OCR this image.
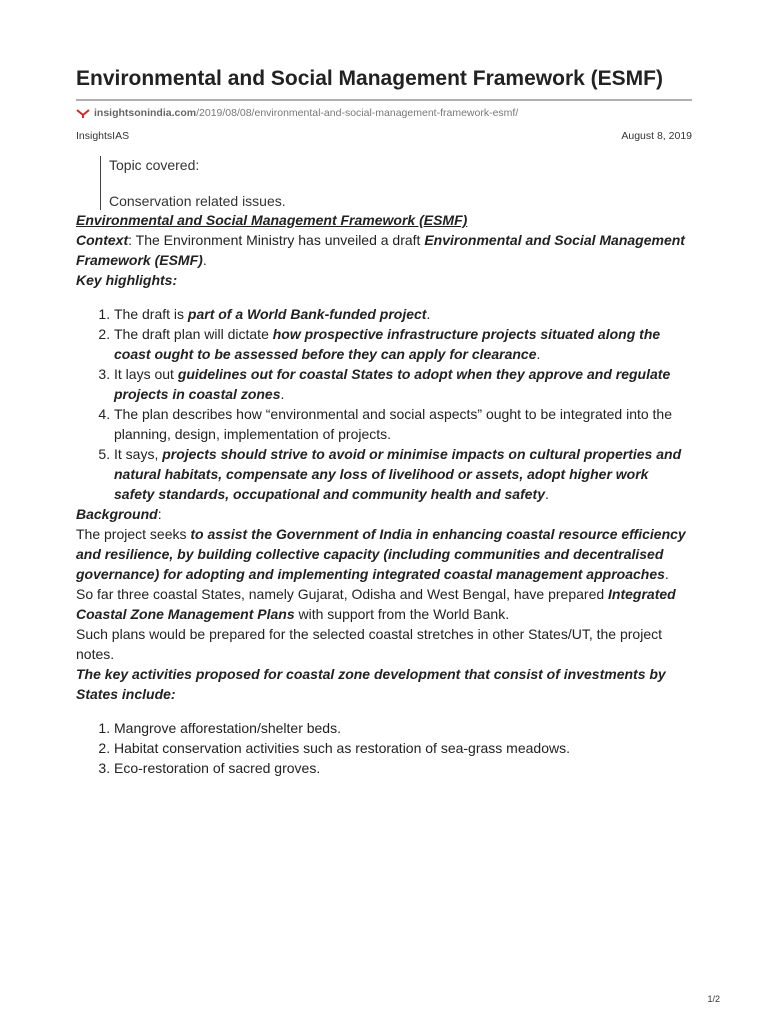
Environmental and Social Management Framework (ESMF)
insightsonindia.com /2019/08/08/environmental-and-social-management-framework-esmf/
InsightsIAS	August 8, 2019

Topic covered:

Conservation related issues.

Environmental and Social Management Framework (ESMF)

Context: The Environment Ministry has unveiled a draft Environmental and Social Management Framework (ESMF).

Key highlights:

1. The draft is part of a World Bank-funded project.
2. The draft plan will dictate how prospective infrastructure projects situated along the coast ought to be assessed before they can apply for clearance.
3. It lays out guidelines out for coastal States to adopt when they approve and regulate projects in coastal zones.
4. The plan describes how “environmental and social aspects” ought to be integrated into the planning, design, implementation of projects.
5. It says, projects should strive to avoid or minimise impacts on cultural properties and natural habitats, compensate any loss of livelihood or assets, adopt higher work safety standards, occupational and community health and safety.

Background:

The project seeks to assist the Government of India in enhancing coastal resource efficiency and resilience, by building collective capacity (including communities and decentralised governance) for adopting and implementing integrated coastal management approaches.

So far three coastal States, namely Gujarat, Odisha and West Bengal, have prepared Integrated Coastal Zone Management Plans with support from the World Bank.

Such plans would be prepared for the selected coastal stretches in other States/UT, the project notes.

The key activities proposed for coastal zone development that consist of investments by States include:

1. Mangrove afforestation/shelter beds.
2. Habitat conservation activities such as restoration of sea-grass meadows.
3. Eco-restoration of sacred groves.
1/2
